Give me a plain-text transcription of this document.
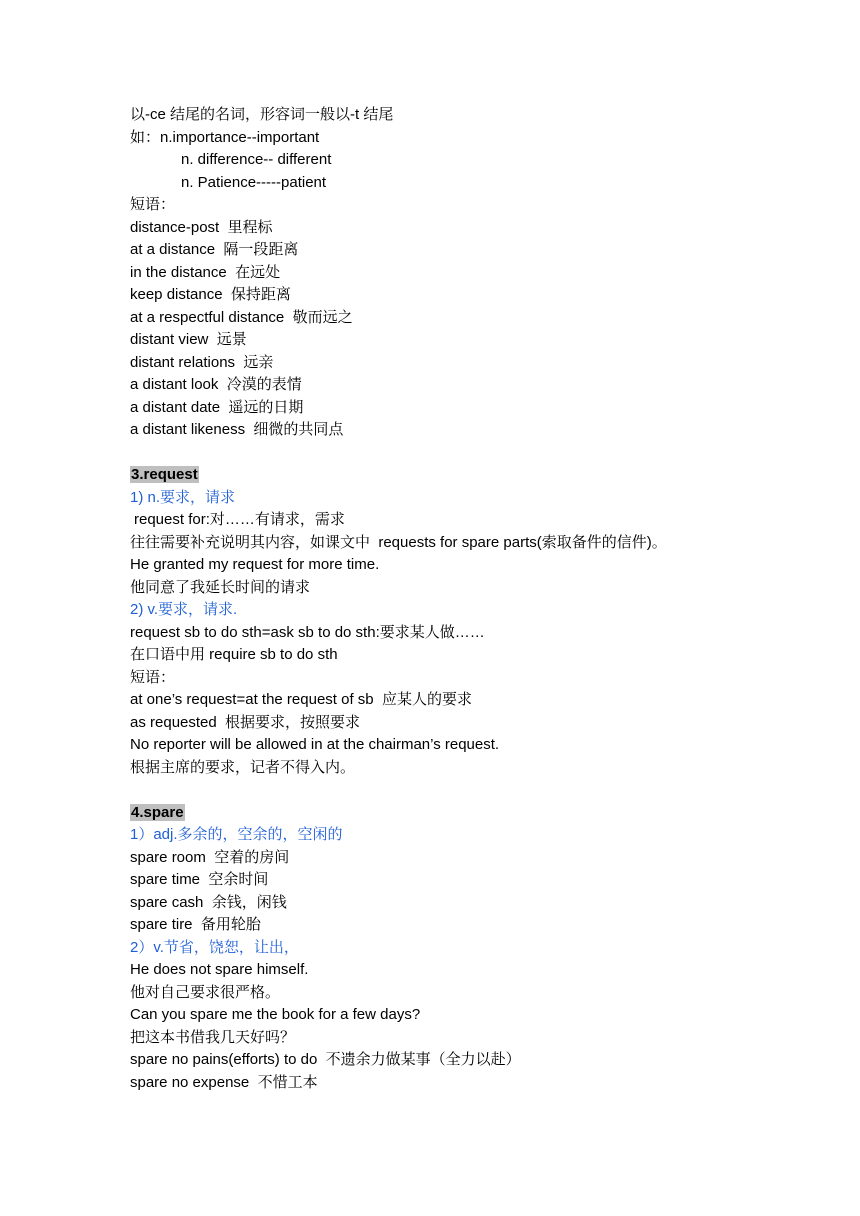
以-ce 结尾的名词，形容词一般以-t 结尾
如：n.importance--important
n. difference-- different
n. Patience-----patient
短语：
distance-post  里程标
at a distance  隔一段距离
in the distance  在远处
keep distance  保持距离
at a respectful distance  敬而远之
distant view  远景
distant relations  远亲
a distant look  冷漠的表情
a distant date  遥远的日期
a distant likeness  细微的共同点
3.request
1) n.要求，请求
request for:对……有请求，需求
往往需要补充说明其内容，如课文中  requests for spare parts(索取备件的信件)。
He granted my request for more time.
他同意了我延长时间的请求
2) v.要求，请求.
request sb to do sth=ask sb to do sth:要求某人做……
在口语中用 require sb to do sth
短语：
at one’s request=at the request of sb  应某人的要求
as requested  根据要求，按照要求
No reporter will be allowed in at the chairman’s request.
根据主席的要求，记者不得入内。
4.spare
1）adj.多余的，空余的，空闲的
spare room  空着的房间
spare time  空余时间
spare cash  余钱，闲钱
spare tire  备用轮胎
2）v.节省，饶恕，让出，
He does not spare himself.
他对自己要求很严格。
Can you spare me the book for a few days?
把这本书借我几天好吗？
spare no pains(efforts) to do  不遗余力做某事（全力以赴）
spare no expense  不惜工本
